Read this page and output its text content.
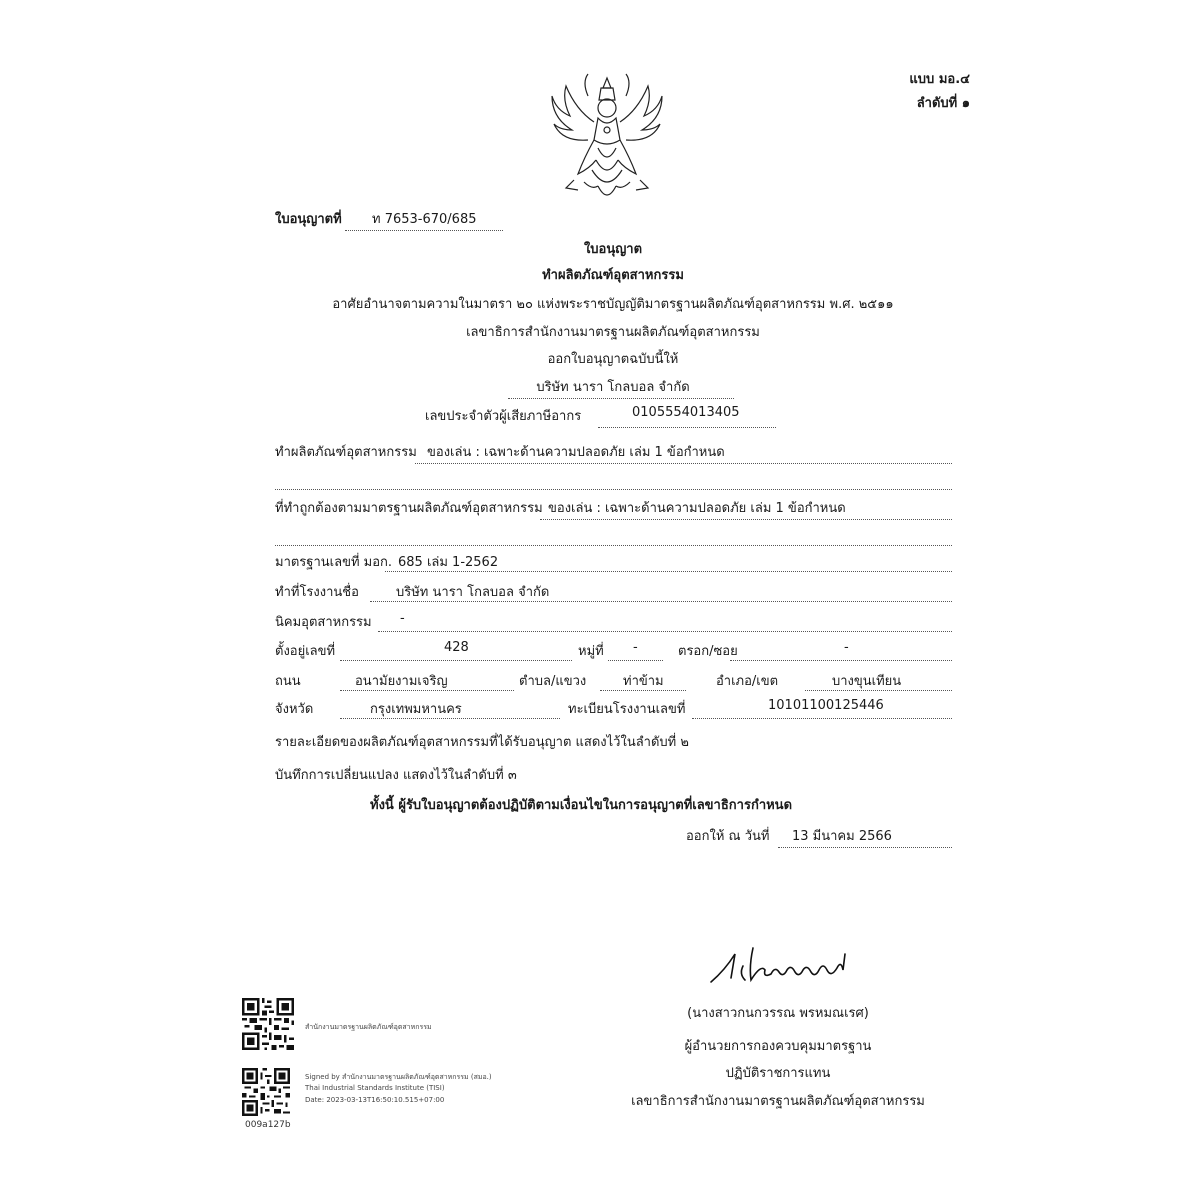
แบบ มอ.๔
ลำดับที่ ๑
ใบอนุญาตที่ ท 7653-670/685
ใบอนุญาต
ทำผลิตภัณฑ์อุตสาหกรรม
อาศัยอำนาจตามความในมาตรา ๒๐ แห่งพระราชบัญญัติมาตรฐานผลิตภัณฑ์อุตสาหกรรม พ.ศ. ๒๕๑๑
เลขาธิการสำนักงานมาตรฐานผลิตภัณฑ์อุตสาหกรรม
ออกใบอนุญาตฉบับนี้ให้
บริษัท นารา โกลบอล จำกัด
เลขประจำตัวผู้เสียภาษีอากร	0105554013405
ทำผลิตภัณฑ์อุตสาหกรรม ของเล่น : เฉพาะด้านความปลอดภัย เล่ม 1 ข้อกำหนด
ที่ทำถูกต้องตามมาตรฐานผลิตภัณฑ์อุตสาหกรรม ของเล่น : เฉพาะด้านความปลอดภัย เล่ม 1 ข้อกำหนด
มาตรฐานเลขที่ มอก. 685 เล่ม 1-2562
ทำที่โรงงานชื่อ	บริษัท นารา โกลบอล จำกัด
นิคมอุตสาหกรรม -
ตั้งอยู่เลขที่	428	หมู่ที่ -	ตรอก/ซอย	-
ถนน	อนามัยงามเจริญ	ตำบล/แขวง	ท่าข้าม	อำเภอ/เขต	บางขุนเทียน
จังหวัด	กรุงเทพมหานคร	ทะเบียนโรงงานเลขที่	10101100125446
รายละเอียดของผลิตภัณฑ์อุตสาหกรรมที่ได้รับอนุญาต แสดงไว้ในลำดับที่ ๒
บันทึกการเปลี่ยนแปลง แสดงไว้ในลำดับที่ ๓
ทั้งนี้ ผู้รับใบอนุญาตต้องปฏิบัติตามเงื่อนไขในการอนุญาตที่เลขาธิการกำหนด
ออกให้ ณ วันที่ 13 มีนาคม 2566
(นางสาวกนกวรรณ พรหมณเรศ)
ผู้อำนวยการกองควบคุมมาตรฐาน
ปฏิบัติราชการแทน
เลขาธิการสำนักงานมาตรฐานผลิตภัณฑ์อุตสาหกรรม
สำนักงานมาตรฐานผลิตภัณฑ์อุตสาหกรรม
Signed by สำนักงานมาตรฐานผลิตภัณฑ์อุตสาหกรรม (สมอ.)
Thai Industrial Standards Institute (TISI)
Date: 2023-03-13T16:50:10.515+07:00
009a127b
